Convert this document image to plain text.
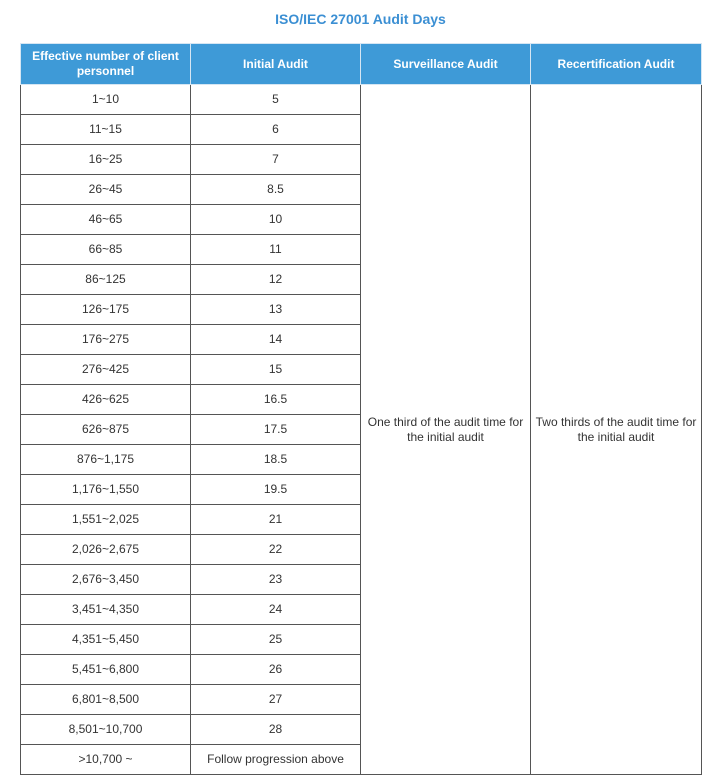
ISO/IEC 27001 Audit Days
Effective number of client personnel	Initial Audit	Surveillance Audit	Recertification Audit
1~10	5	One third of the audit time for the initial audit	Two thirds of the audit time for the initial audit
11~15	6		
16~25	7		
26~45	8.5		
46~65	10		
66~85	11		
86~125	12		
126~175	13		
176~275	14		
276~425	15		
426~625	16.5		
626~875	17.5		
876~1,175	18.5		
1,176~1,550	19.5		
1,551~2,025	21		
2,026~2,675	22		
2,676~3,450	23		
3,451~4,350	24		
4,351~5,450	25		
5,451~6,800	26		
6,801~8,500	27		
8,501~10,700	28		
>10,700 ~	Follow progression above		
